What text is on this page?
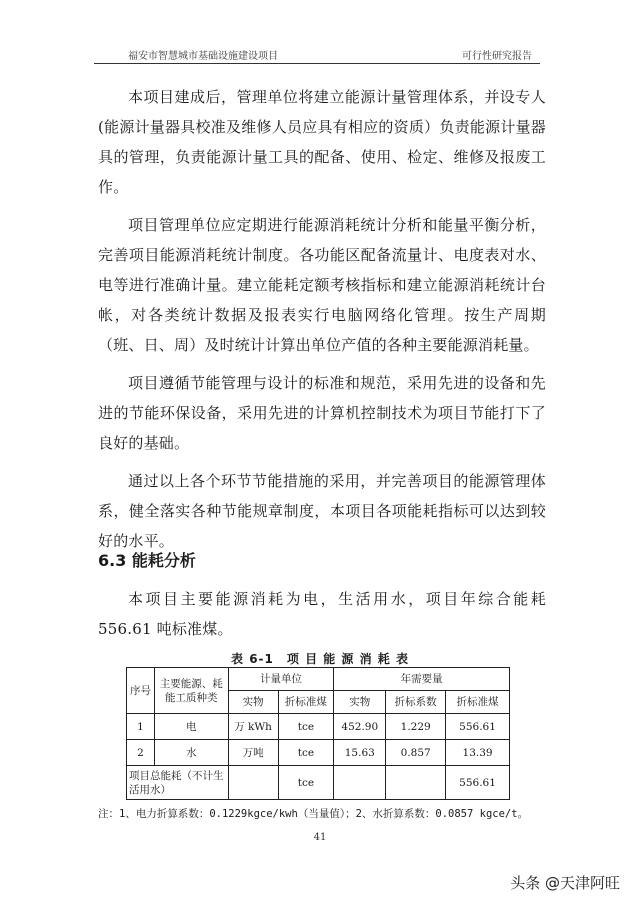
福安市智慧城市基础设施建设项目	可行性研究报告

本项目建成后，管理单位将建立能源计量管理体系，并设专人(能源计量器具校准及维修人员应具有相应的资质）负责能源计量器具的管理，负责能源计量工具的配备、使用、检定、维修及报废工作。

项目管理单位应定期进行能源消耗统计分析和能量平衡分析，完善项目能源消耗统计制度。各功能区配备流量计、电度表对水、电等进行准确计量。建立能耗定额考核指标和建立能源消耗统计台帐，对各类统计数据及报表实行电脑网络化管理。按生产周期（班、日、周）及时统计计算出单位产值的各种主要能源消耗量。

项目遵循节能管理与设计的标准和规范，采用先进的设备和先进的节能环保设备，采用先进的计算机控制技术为项目节能打下了良好的基础。

通过以上各个环节节能措施的采用，并完善项目的能源管理体系，健全落实各种节能规章制度，本项目各项能耗指标可以达到较好的水平。

6.3 能耗分析

本项目主要能源消耗为电，生活用水，项目年综合能耗 556.61 吨标准煤。

表 6-1　项 目 能 源 消 耗 表
序号	主要能源、耗能工质种类	计量单位		年需要量		
		实物	折标准煤	实物	折标系数	折标准煤
1	电	万 kWh	tce	452.90	1.229	556.61
2	水	万吨	tce	15.63	0.857	13.39
项目总能耗（不计生活用水）			tce			556.61
注：1、电力折算系数：0.1229kgce/kwh（当量值）；2、水折算系数：0.0857 kgce/t。
41
头条 @天津阿旺
